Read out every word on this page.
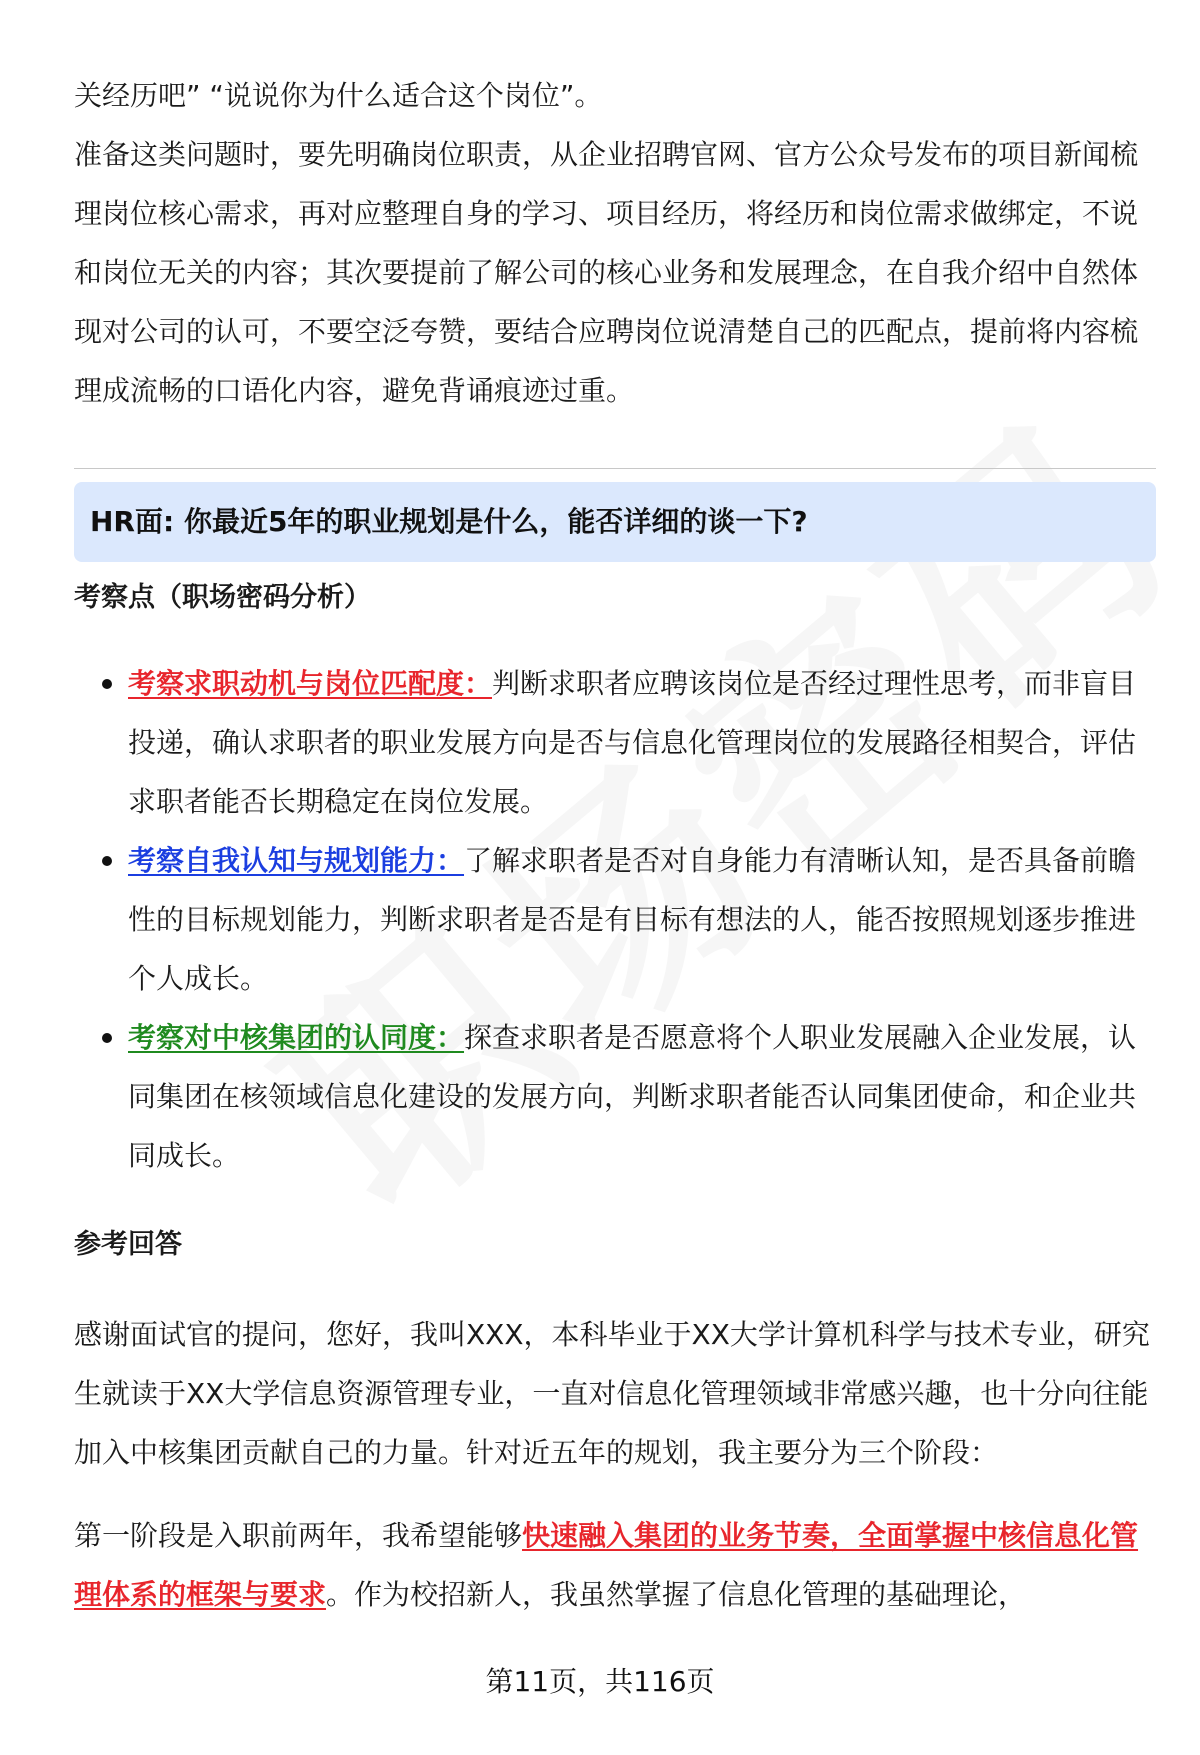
关经历吧” “说说你为什么适合这个岗位”。

准备这类问题时，要先明确岗位职责，从企业招聘官网、官方公众号发布的项目新闻梳理岗位核心需求，再对应整理自身的学习、项目经历，将经历和岗位需求做绑定，不说和岗位无关的内容；其次要提前了解公司的核心业务和发展理念，在自我介绍中自然体现对公司的认可，不要空泛夸赞，要结合应聘岗位说清楚自己的匹配点，提前将内容梳理成流畅的口语化内容，避免背诵痕迹过重。

HR面: 你最近5年的职业规划是什么，能否详细的谈一下?

考察点（职场密码分析）

考察求职动机与岗位匹配度：判断求职者应聘该岗位是否经过理性思考，而非盲目投递，确认求职者的职业发展方向是否与信息化管理岗位的发展路径相契合，评估求职者能否长期稳定在岗位发展。
考察自我认知与规划能力：了解求职者是否对自身能力有清晰认知，是否具备前瞻性的目标规划能力，判断求职者是否是有目标有想法的人，能否按照规划逐步推进个人成长。
考察对中核集团的认同度：探查求职者是否愿意将个人职业发展融入企业发展，认同集团在核领域信息化建设的发展方向，判断求职者能否认同集团使命，和企业共同成长。

参考回答

感谢面试官的提问，您好，我叫XXX，本科毕业于XX大学计算机科学与技术专业，研究生就读于XX大学信息资源管理专业，一直对信息化管理领域非常感兴趣，也十分向往能加入中核集团贡献自己的力量。针对近五年的规划，我主要分为三个阶段：

第一阶段是入职前两年，我希望能够快速融入集团的业务节奏，全面掌握中核信息化管理体系的框架与要求。作为校招新人，我虽然掌握了信息化管理的基础理论，

第11页，共116页
